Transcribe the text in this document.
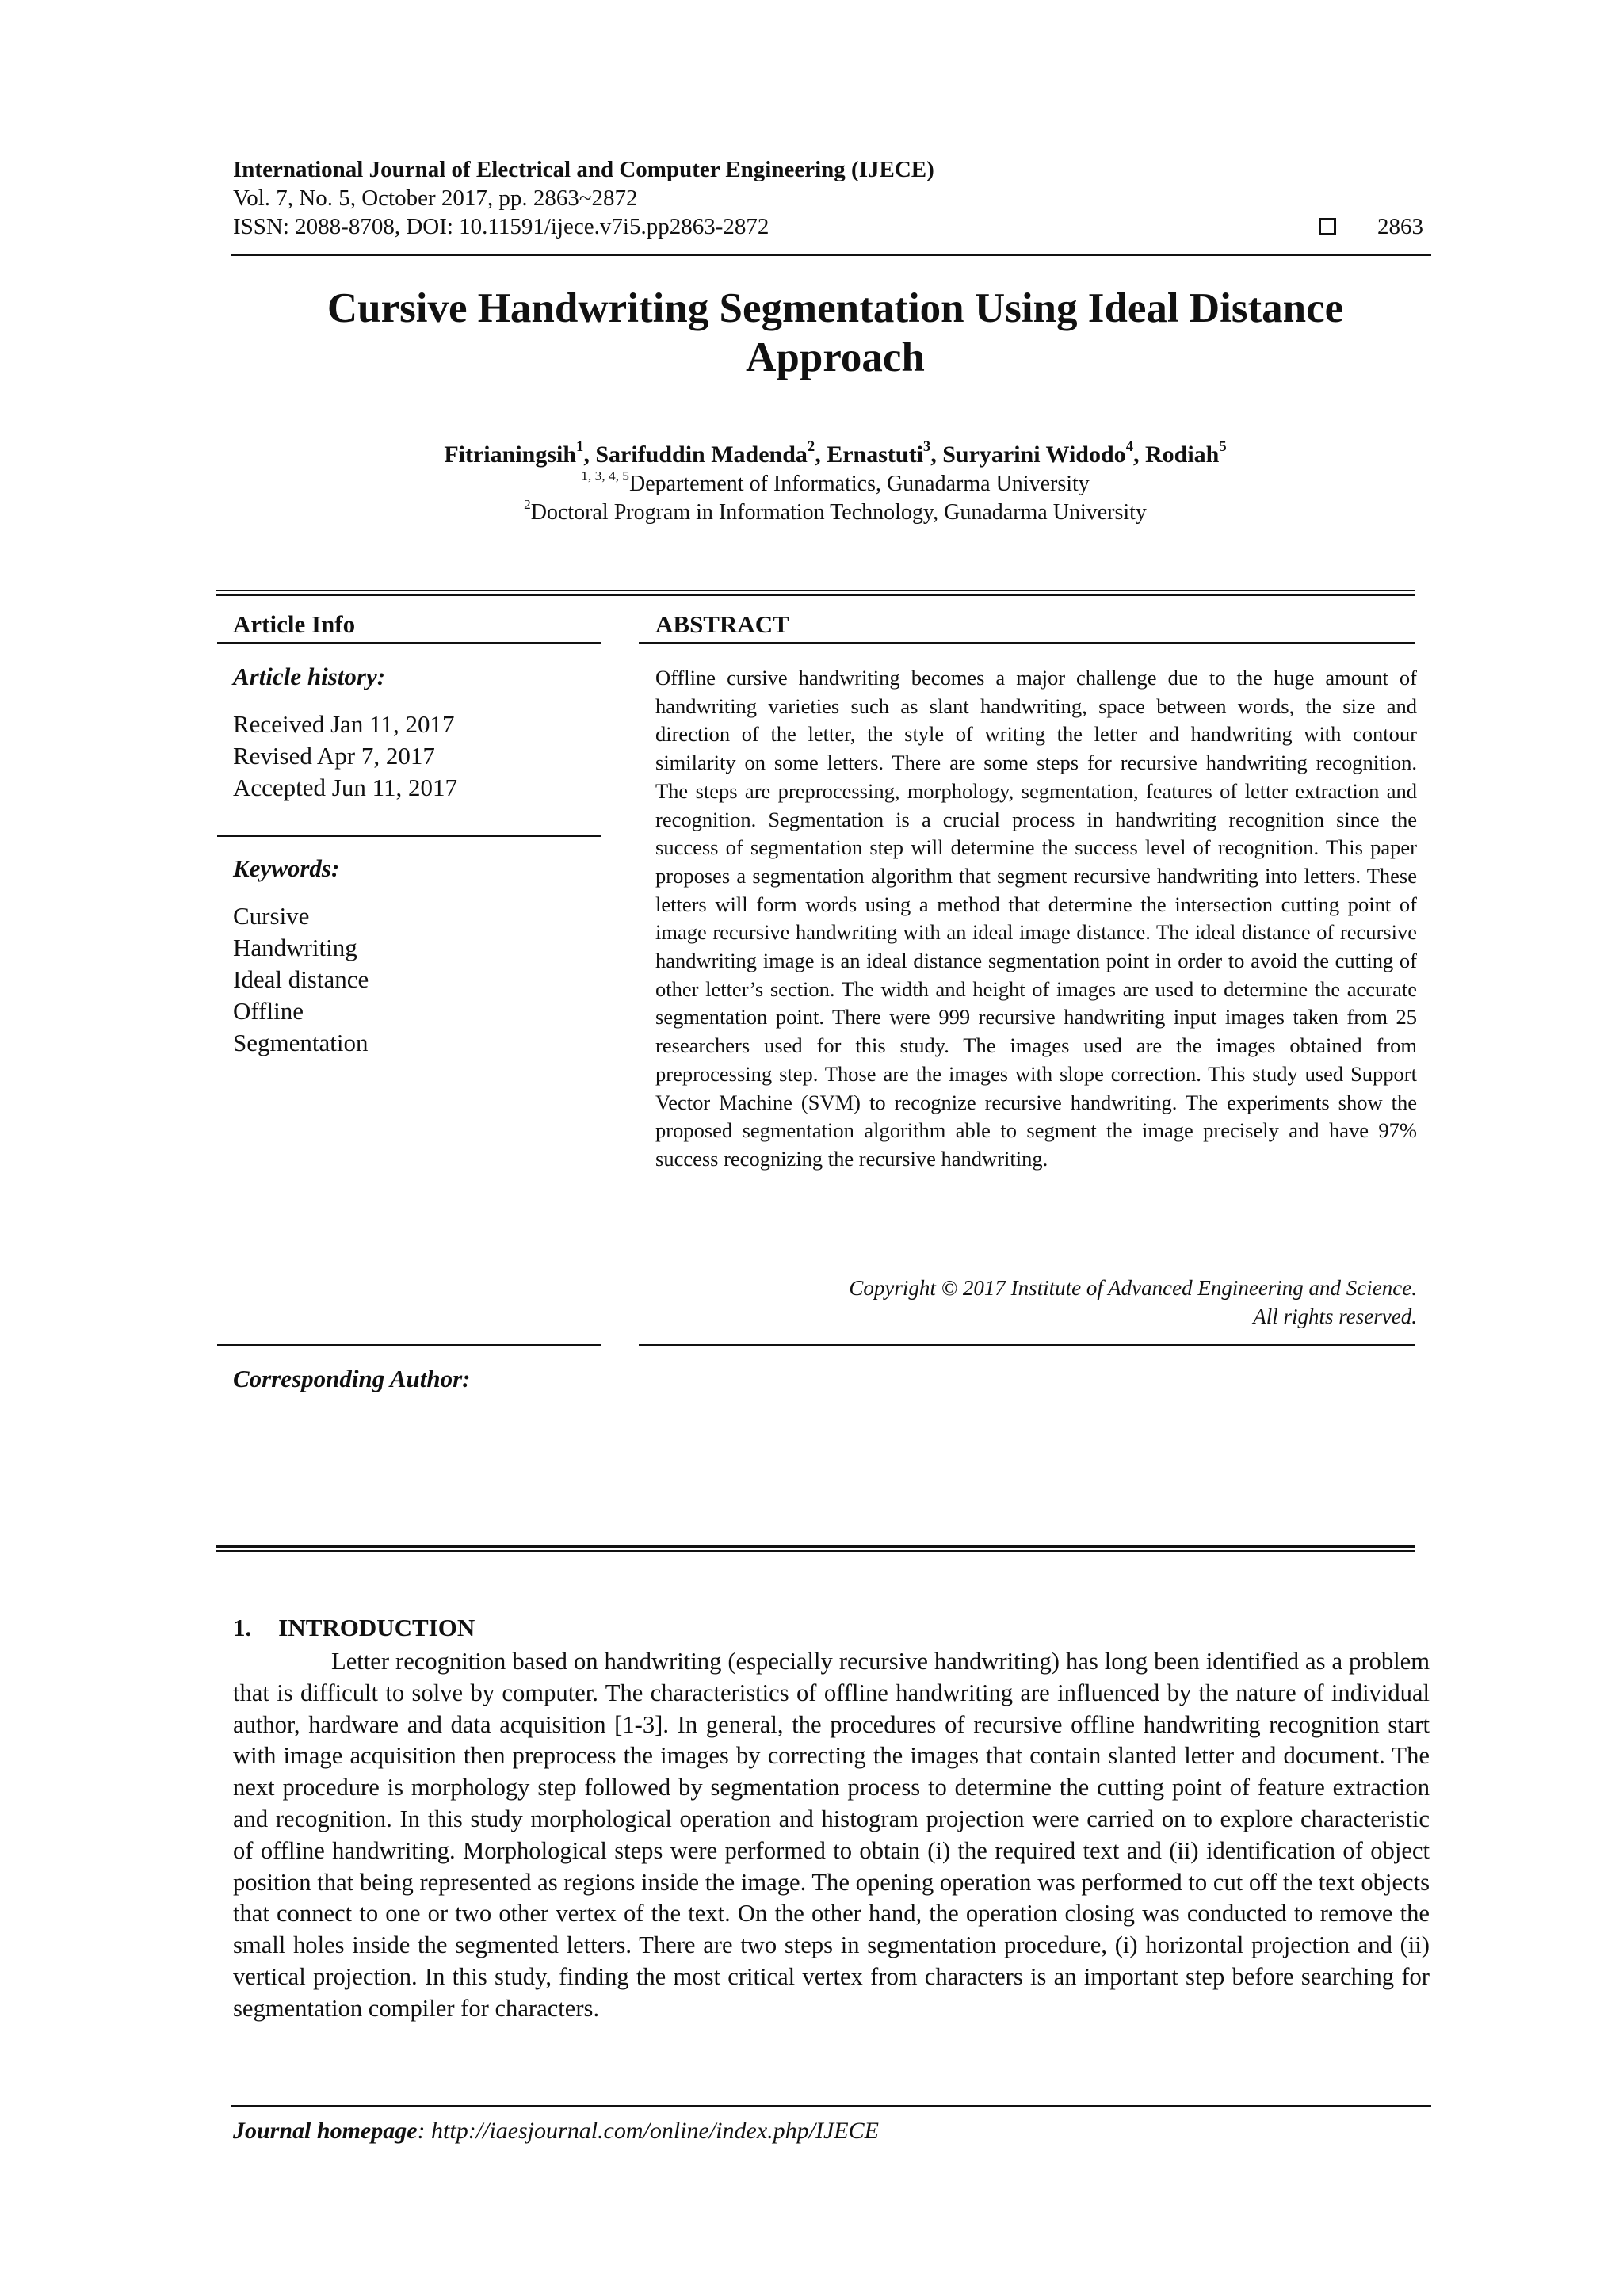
International Journal of Electrical and Computer Engineering (IJECE)
Vol. 7, No. 5, October 2017, pp. 2863~2872
ISSN: 2088-8708, DOI: 10.11591/ijece.v7i5.pp2863-2872	2863
Cursive Handwriting Segmentation Using Ideal Distance
Approach
Fitrianingsih$^1$, Sarifuddin Madenda$^2$, Ernastuti$^3$, Suryarini Widodo$^4$, Rodiah$^5$
$^{1, 3, 4, 5}$Departement of Informatics, Gunadarma University
$^2$Doctoral Program in Information Technology, Gunadarma University
Article Info
Article history:
Received Jan 11, 2017
Revised Apr 7, 2017
Accepted Jun 11, 2017
Keywords:
Cursive
Handwriting
Ideal distance
Offline
Segmentation
Corresponding Author:
ABSTRACT
Offline cursive handwriting becomes a major challenge due to the huge amount of handwriting varieties such as slant handwriting, space between words, the size and direction of the letter, the style of writing the letter and handwriting with contour similarity on some letters. There are some steps for recursive handwriting recognition. The steps are preprocessing, morphology, segmentation, features of letter extraction and recognition. Segmentation is a crucial process in handwriting recognition since the success of segmentation step will determine the success level of recognition. This paper proposes a segmentation algorithm that segment recursive handwriting into letters. These letters will form words using a method that determine the intersection cutting point of image recursive handwriting with an ideal image distance. The ideal distance of recursive handwriting image is an ideal distance segmentation point in order to avoid the cutting of other letter’s section. The width and height of images are used to determine the accurate segmentation point. There were 999 recursive handwriting input images taken from 25 researchers used for this study. The images used are the images obtained from preprocessing step. Those are the images with slope correction. This study used Support Vector Machine (SVM) to recognize recursive handwriting. The experiments show the proposed segmentation algorithm able to segment the image precisely and have 97% success recognizing the recursive handwriting.
Copyright © 2017 Institute of Advanced Engineering and Science.
All rights reserved.
1. INTRODUCTION
Letter recognition based on handwriting (especially recursive handwriting) has long been identified as a problem that is difficult to solve by computer. The characteristics of offline handwriting are influenced by the nature of individual author, hardware and data acquisition [1-3]. In general, the procedures of recursive offline handwriting recognition start with image acquisition then preprocess the images by correcting the images that contain slanted letter and document. The next procedure is morphology step followed by segmentation process to determine the cutting point of feature extraction and recognition. In this study morphological operation and histogram projection were carried on to explore characteristic of offline handwriting. Morphological steps were performed to obtain (i) the required text and (ii) identification of object position that being represented as regions inside the image. The opening operation was performed to cut off the text objects that connect to one or two other vertex of the text. On the other hand, the operation closing was conducted to remove the small holes inside the segmented letters. There are two steps in segmentation procedure, (i) horizontal projection and (ii) vertical projection. In this study, finding the most critical vertex from characters is an important step before searching for segmentation compiler for characters.
Journal homepage: http://iaesjournal.com/online/index.php/IJECE
